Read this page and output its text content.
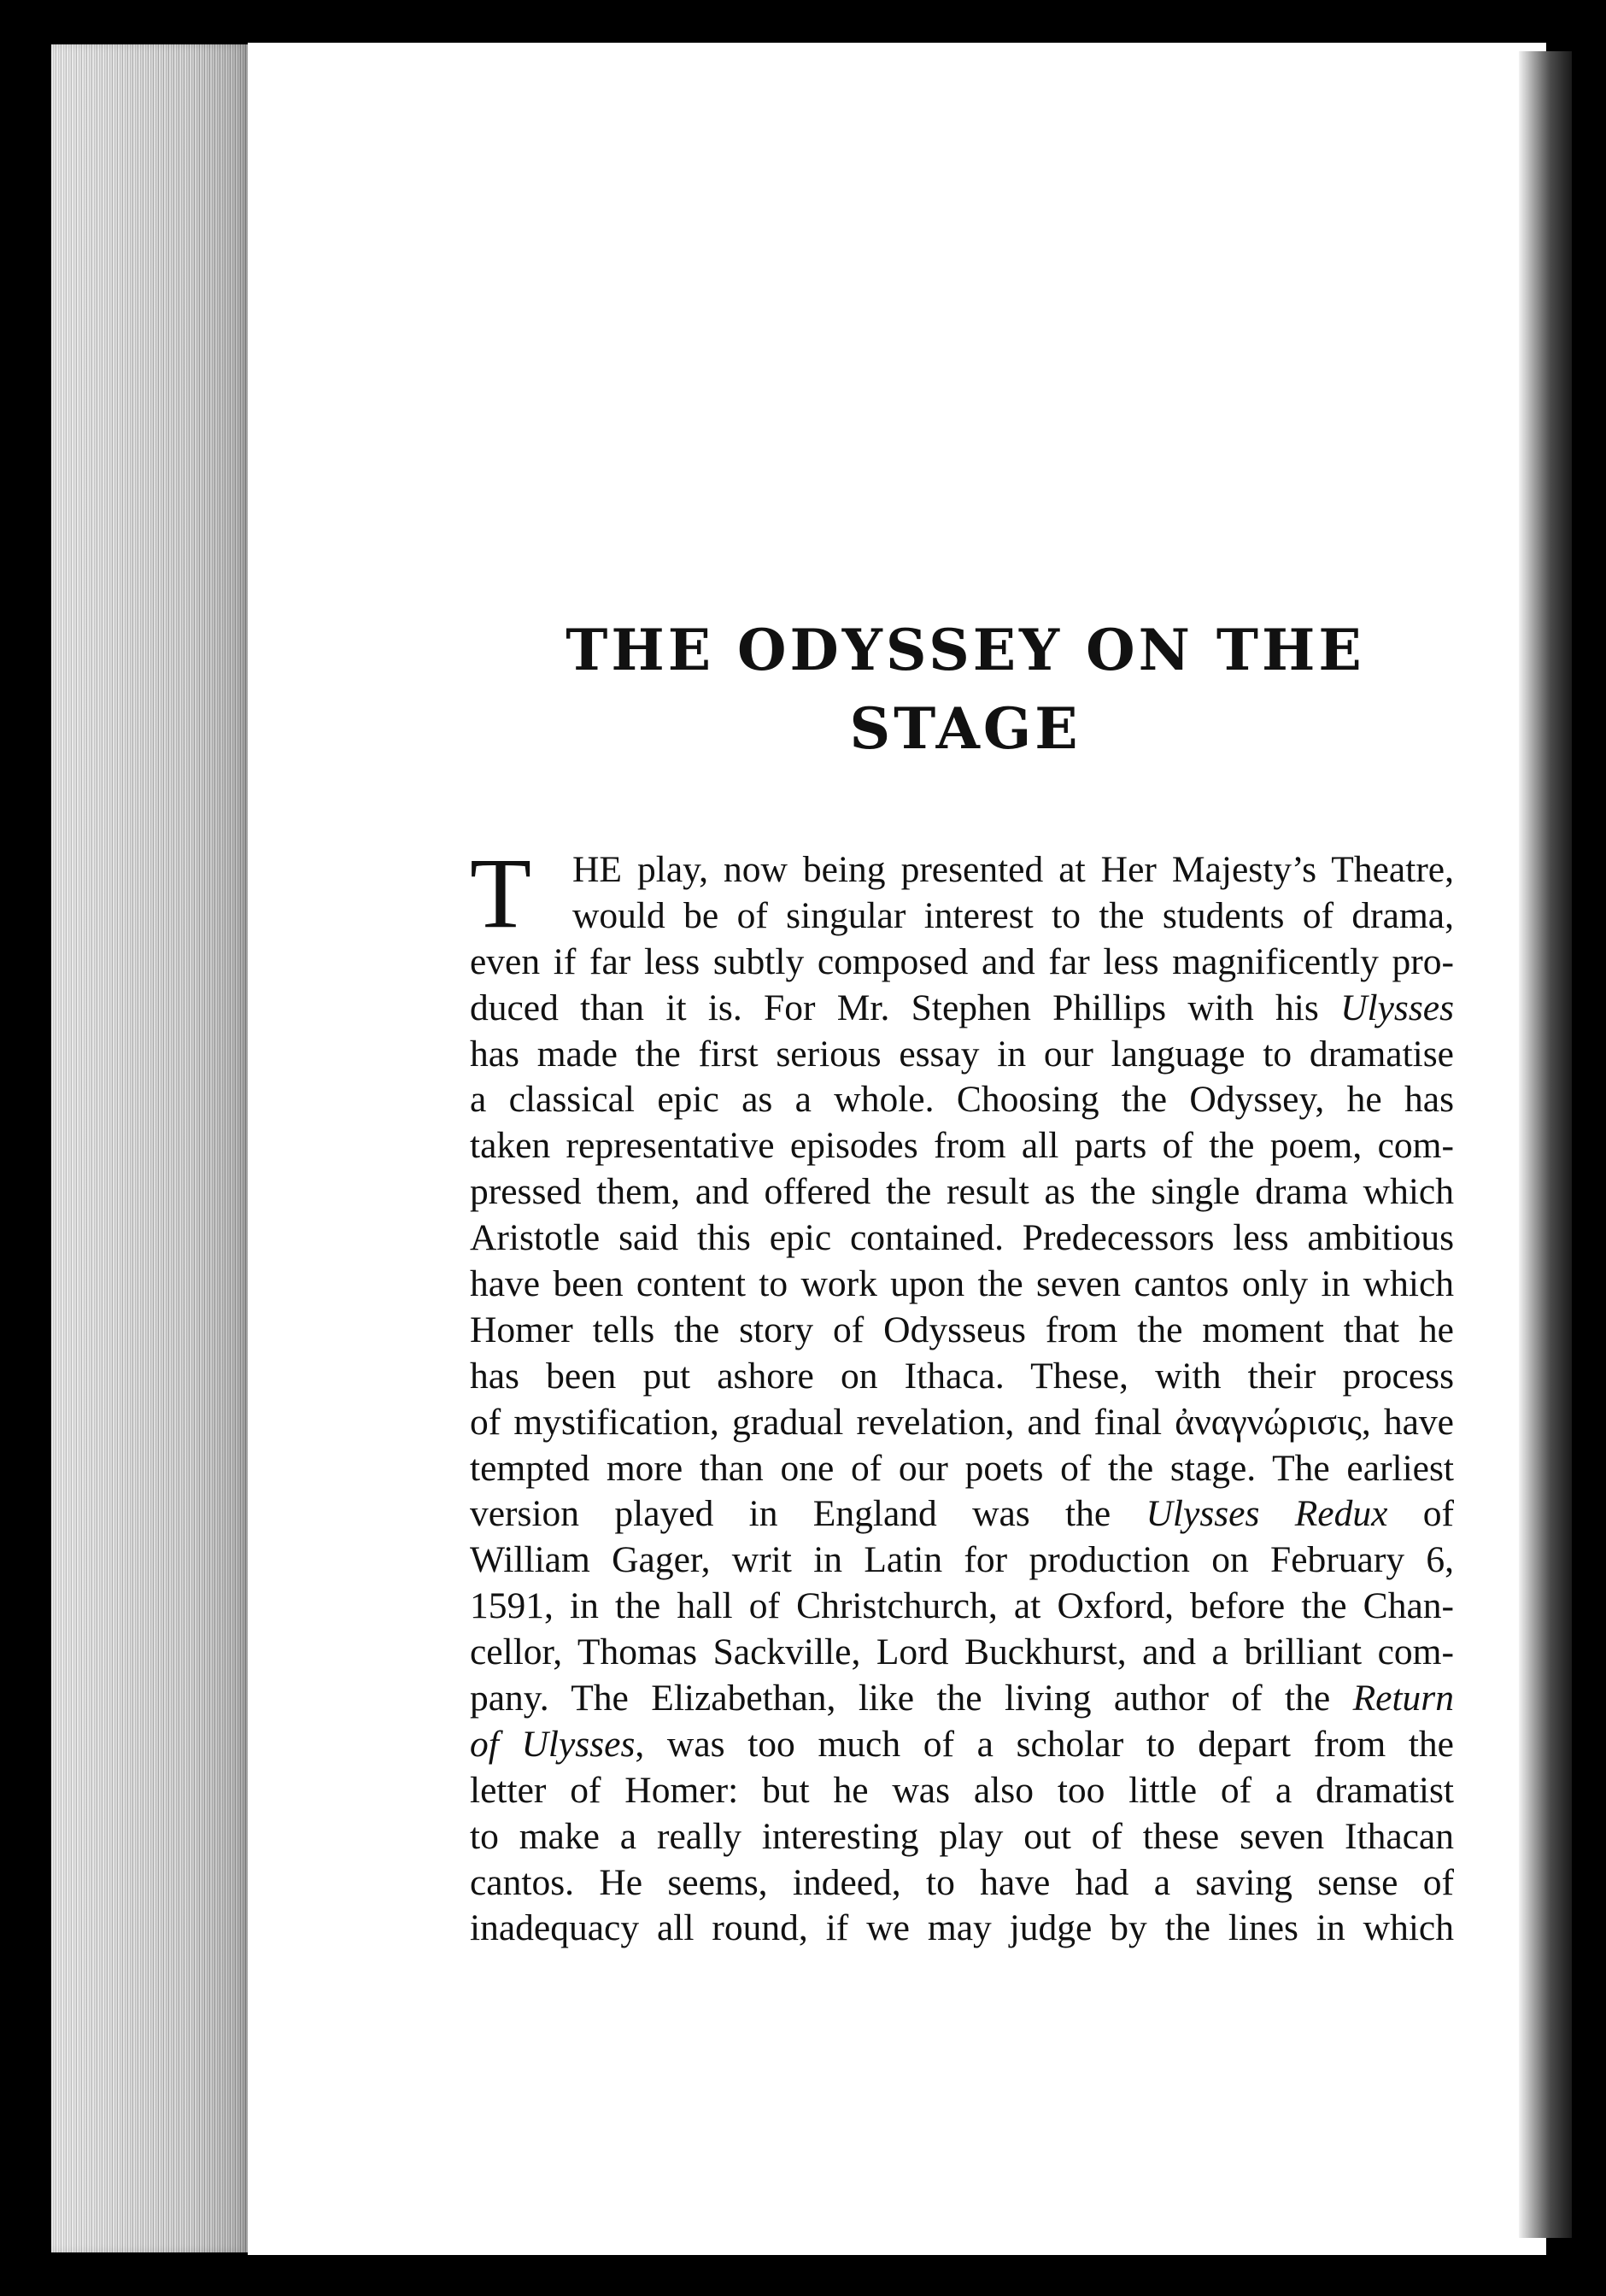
THE ODYSSEY ON THE
STAGE
T	HE play, now being presented at Her Majesty’s Theatre,
would be of singular interest to the students of drama,
even if far less subtly composed and far less magnificently pro-
duced than it is. For Mr. Stephen Phillips with his Ulysses
has made the first serious essay in our language to dramatise
a classical epic as a whole. Choosing the Odyssey, he has
taken representative episodes from all parts of the poem, com-
pressed them, and offered the result as the single drama which
Aristotle said this epic contained. Predecessors less ambitious
have been content to work upon the seven cantos only in which
Homer tells the story of Odysseus from the moment that he
has been put ashore on Ithaca. These, with their process
of mystification, gradual revelation, and final ἀναγνώρισις, have
tempted more than one of our poets of the stage. The earliest
version played in England was the Ulysses Redux of
William Gager, writ in Latin for production on February 6,
1591, in the hall of Christchurch, at Oxford, before the Chan-
cellor, Thomas Sackville, Lord Buckhurst, and a brilliant com-
pany. The Elizabethan, like the living author of the Return
of Ulysses, was too much of a scholar to depart from the
letter of Homer: but he was also too little of a dramatist
to make a really interesting play out of these seven Ithacan
cantos. He seems, indeed, to have had a saving sense of
inadequacy all round, if we may judge by the lines in which
